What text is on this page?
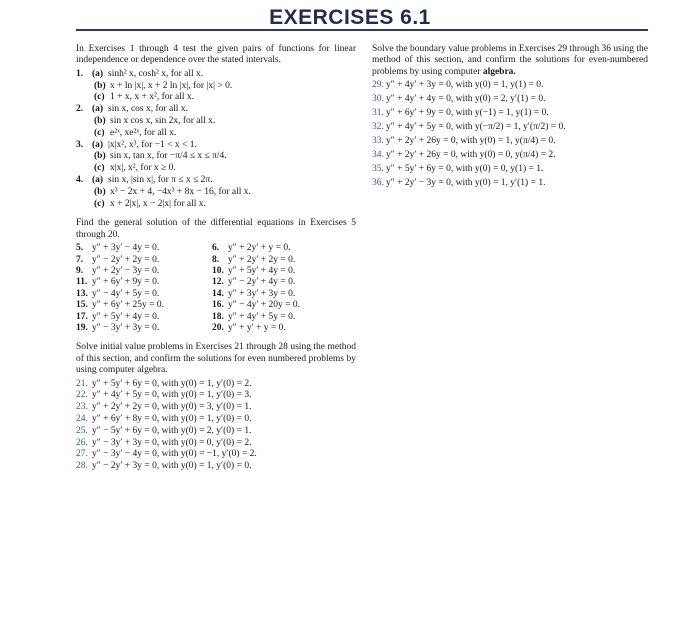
EXERCISES 6.1

In Exercises 1 through 4 test the given pairs of functions for linear independence or dependence over the stated intervals.

1. (a) sinh² x, cosh² x, for all x.

(b) x + ln |x|, x + 2 ln |x|, for |x| > 0.

(c) 1 + x, x + x², for all x.

2. (a) sin x, cos x, for all x.

(b) sin x cos x, sin 2x, for all x.

(c) e²ˣ, xe²ˣ, for all x.

3. (a) |x|x², x³, for −1 < x < 1.

(b) sin x, tan x, for −π/4 ≤ x ≤ π/4.

(c) x|x|, x², for x ≥ 0.

4. (a) sin x, |sin x|, for π ≤ x ≤ 2π.

(b) x³ − 2x + 4, −4x³ + 8x − 16, for all x.

(c) x + 2|x|, x − 2|x| for all x.

Find the general solution of the differential equations in Exercises 5 through 20.

5. y″ + 3y′ − 4y = 0.	6. y″ + 2y′ + y = 0.

7. y″ − 2y′ + 2y = 0.	8. y″ + 2y′ + 2y = 0.

9. y″ + 2y′ − 3y = 0.	10. y″ + 5y′ + 4y = 0.

11. y″ + 6y′ + 9y = 0.	12. y″ − 2y′ + 4y = 0.

13. y″ − 4y′ + 5y = 0.	14. y″ + 3y′ + 3y = 0.

15. y″ + 6y′ + 25y = 0.	16. y″ − 4y′ + 20y = 0.

17. y″ + 5y′ + 4y = 0.	18. y″ + 4y′ + 5y = 0.

19. y″ − 3y′ + 3y = 0.	20. y″ + y′ + y = 0.

Solve initial value problems in Exercises 21 through 28 using the method of this section, and confirm the solutions for even numbered problems by using computer algebra.

21. y″ + 5y′ + 6y = 0, with y(0) = 1, y′(0) = 2.

22. y″ + 4y′ + 5y = 0, with y(0) = 1, y′(0) = 3.

23. y″ + 2y′ + 2y = 0, with y(0) = 3, y′(0) = 1.

24. y″ + 6y′ + 8y = 0, with y(0) = 1, y′(0) = 0.

25. y″ − 5y′ + 6y = 0, with y(0) = 2, y′(0) = 1.

26. y″ − 3y′ + 3y = 0, with y(0) = 0, y′(0) = 2.

27. y″ − 3y′ − 4y = 0, with y(0) = −1, y′(0) = 2.

28. y″ − 2y′ + 3y = 0, with y(0) = 1, y′(0) = 0.

Solve the boundary value problems in Exercises 29 through 36 using the method of this section, and confirm the solutions for even-numbered problems by using computer algebra.

29. y″ + 4y′ + 3y = 0, with y(0) = 1, y(1) = 0.

30. y″ + 4y′ + 4y = 0, with y(0) = 2, y′(1) = 0.

31. y″ + 6y′ + 9y = 0, with y(−1) = 1, y(1) = 0.

32. y″ + 4y′ + 5y = 0, with y(−π/2) = 1, y′(π/2) = 0.

33. y″ + 2y′ + 26y = 0, with y(0) = 1, y(π/4) = 0.

34. y″ + 2y′ + 26y = 0, with y(0) = 0, y(π/4) = 2.

35. y″ + 5y′ + 6y = 0, with y(0) = 0, y(1) = 1.

36. y″ + 2y′ − 3y = 0, with y(0) = 1, y′(1) = 1.
